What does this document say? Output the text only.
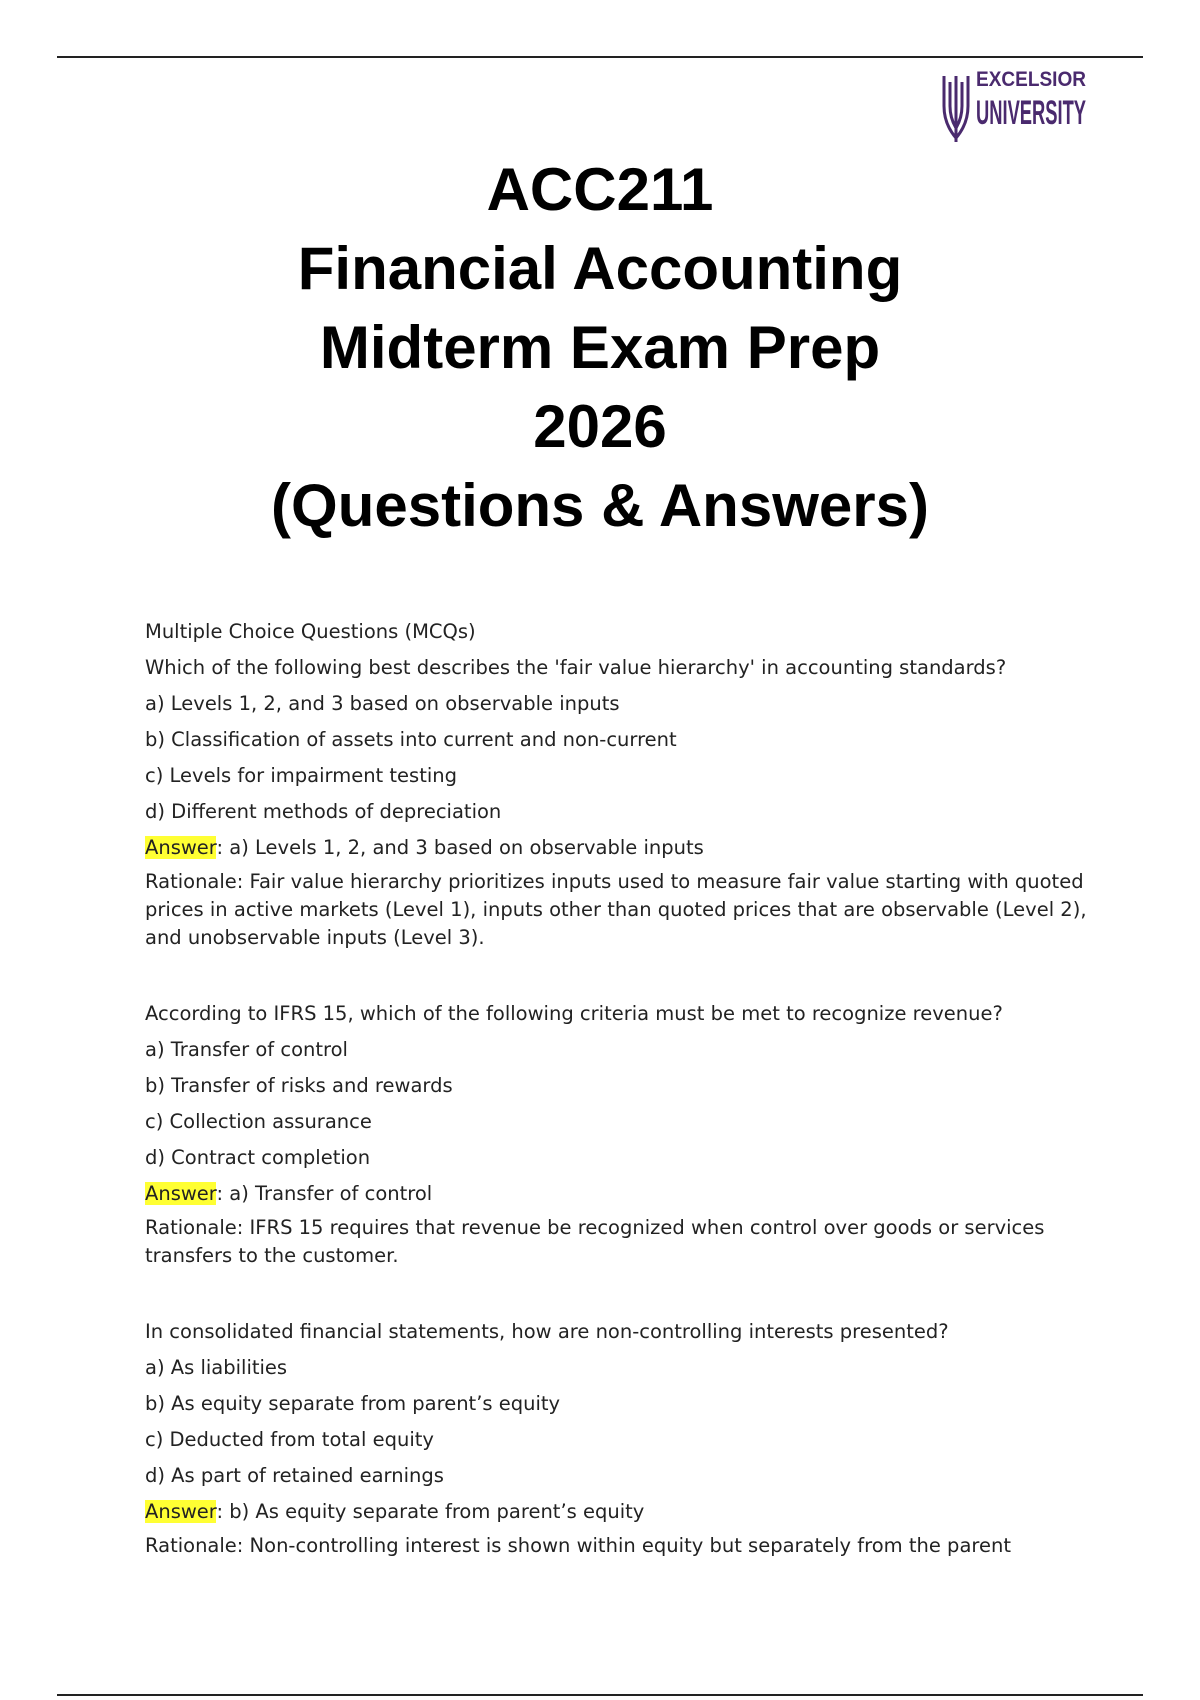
EXCELSIOR
UNIVERSITY
ACC211
Financial Accounting
Midterm Exam Prep
2026
(Questions & Answers)
Multiple Choice Questions (MCQs)
Which of the following best describes the 'fair value hierarchy' in accounting standards?
a) Levels 1, 2, and 3 based on observable inputs
b) Classification of assets into current and non-current
c) Levels for impairment testing
d) Different methods of depreciation
Answer: a) Levels 1, 2, and 3 based on observable inputs
Rationale: Fair value hierarchy prioritizes inputs used to measure fair value starting with quoted prices in active markets (Level 1), inputs other than quoted prices that are observable (Level 2), and unobservable inputs (Level 3).
According to IFRS 15, which of the following criteria must be met to recognize revenue?
a) Transfer of control
b) Transfer of risks and rewards
c) Collection assurance
d) Contract completion
Answer: a) Transfer of control
Rationale: IFRS 15 requires that revenue be recognized when control over goods or services transfers to the customer.
In consolidated financial statements, how are non-controlling interests presented?
a) As liabilities
b) As equity separate from parent’s equity
c) Deducted from total equity
d) As part of retained earnings
Answer: b) As equity separate from parent’s equity
Rationale: Non-controlling interest is shown within equity but separately from the parent
